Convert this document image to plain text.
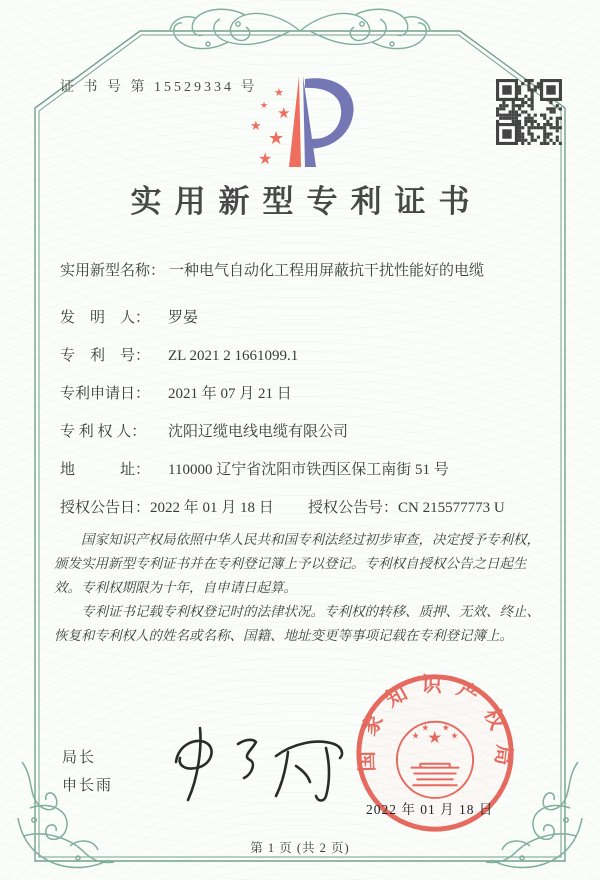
证 书 号 第 15529334 号 ★
★ ★
★
★
★
实用新型专利证书
实用新型名称： 一种电气自动化工程用屏蔽抗干扰性能好的电缆
发　明　人： 罗晏
专　利　号： ZL 2021 2 1661099.1
专利申请日： 2021 年 07 月 21 日
专 利 权 人： 沈阳辽缆电线电缆有限公司
地　　　址： 110000 辽宁省沈阳市铁西区保工南街 51 号
授权公告日：2022 年 01 月 18 日 授权公告号：CN 215577773 U

国家知识产权局依照中华人民共和国专利法经过初步审查，决定授予专利权，颁发实用新型专利证书并在专利登记簿上予以登记。专利权自授权公告之日起生效。专利权期限为十年，自申请日起算。

专利证书记载专利权登记时的法律状况。专利权的转移、质押、无效、终止、恢复和专利权人的姓名或名称、国籍、地址变更等事项记载在专利登记簿上。

局长
申长雨
国家知识产权局
★
★
★ ★
★
2022 年 01 月 18 日
第 1 页 (共 2 页)
